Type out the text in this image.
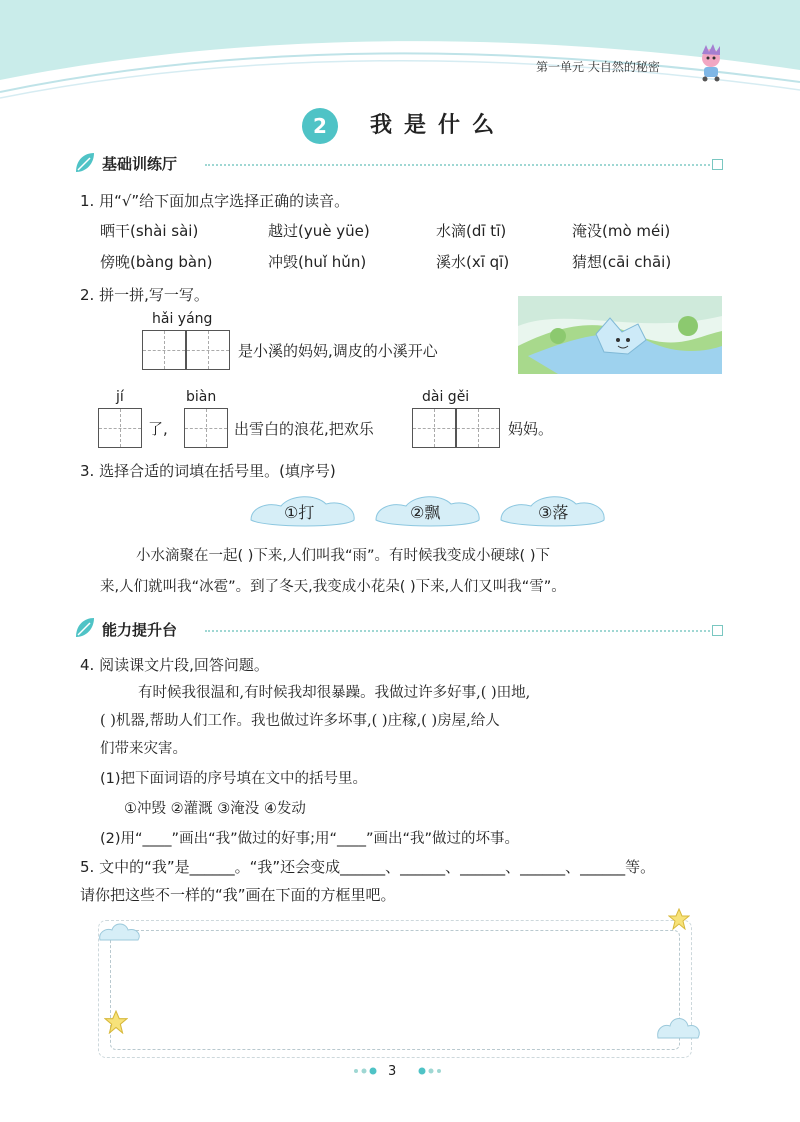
第一单元 大自然的秘密
2	我是什么
基础训练厅
1. 用“√”给下面加点字选择正确的读音。
晒干(shài sài)	越过(yuè yüe)	水滴(dī tī)	淹没(mò méi)
傍晚(bàng bàn)	冲毁(huǐ hǔn)	溪水(xī qī)	猜想(cāi chāi)
2. 拼一拼,写一写。
hǎi yáng
是小溪的妈妈,调皮的小溪开心
jí
了,
biàn
出雪白的浪花,把欢乐
dài gěi
妈妈。
3. 选择合适的词填在括号里。(填序号)
①打	②飘	③落
小水滴聚在一起( )下来,人们叫我“雨”。有时候我变成小硬球( )下
来,人们就叫我“冰雹”。到了冬天,我变成小花朵( )下来,人们又叫我“雪”。
能力提升台
4. 阅读课文片段,回答问题。
有时候我很温和,有时候我却很暴躁。我做过许多好事,( )田地,
( )机器,帮助人们工作。我也做过许多坏事,( )庄稼,( )房屋,给人
们带来灾害。
(1)把下面词语的序号填在文中的括号里。
①冲毁 ②灌溉 ③淹没 ④发动
(2)用“____”画出“我”做过的好事;用“____”画出“我”做过的坏事。
5. 文中的“我”是______。“我”还会变成______、______、______、______、______等。
请你把这些不一样的“我”画在下面的方框里吧。
3
